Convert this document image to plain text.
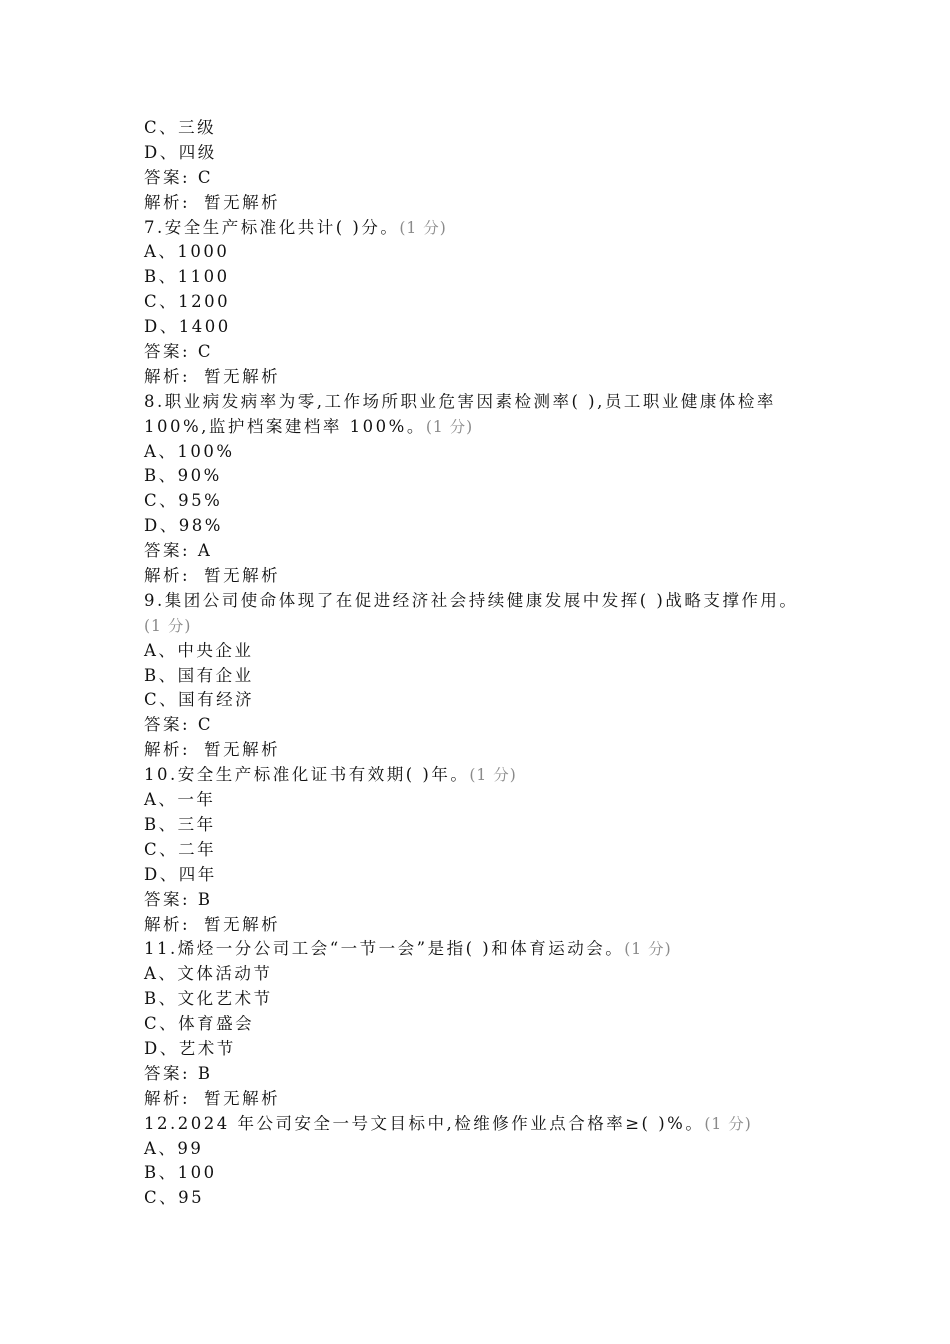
C、三级
D、四级
答案: C
解析: 暂无解析
7.安全生产标准化共计( )分。(1 分)
A、1000
B、1100
C、1200
D、1400
答案: C
解析: 暂无解析
8.职业病发病率为零,工作场所职业危害因素检测率( ),员工职业健康体检率
100%,监护档案建档率 100%。(1 分)
A、100%
B、90%
C、95%
D、98%
答案: A
解析: 暂无解析
9.集团公司使命体现了在促进经济社会持续健康发展中发挥( )战略支撑作用。
(1 分)
A、中央企业
B、国有企业
C、国有经济
答案: C
解析: 暂无解析
10.安全生产标准化证书有效期( )年。(1 分)
A、一年
B、三年
C、二年
D、四年
答案: B
解析: 暂无解析
11.烯烃一分公司工会“一节一会”是指( )和体育运动会。(1 分)
A、文体活动节
B、文化艺术节
C、体育盛会
D、艺术节
答案: B
解析: 暂无解析
12.2024 年公司安全一号文目标中,检维修作业点合格率≥( )%。(1 分)
A、99
B、100
C、95
